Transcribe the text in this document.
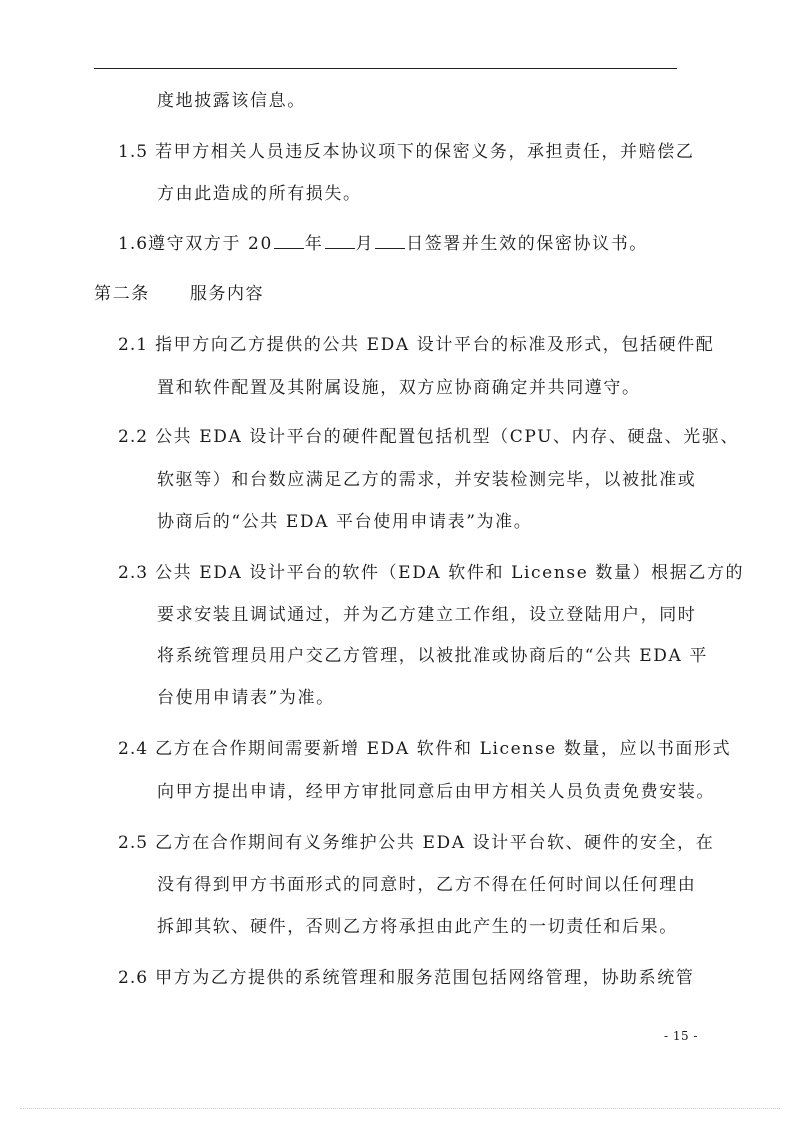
度地披露该信息。
1.5 若甲方相关人员违反本协议项下的保密义务，承担责任，并赔偿乙
方由此造成的所有损失。
1.6遵守双方于 20 年 月 日签署并生效的保密协议书。
第二条 服务内容
2.1 指甲方向乙方提供的公共 EDA 设计平台的标准及形式，包括硬件配
置和软件配置及其附属设施，双方应协商确定并共同遵守。
2.2 公共 EDA 设计平台的硬件配置包括机型（CPU、内存、硬盘、光驱、
软驱等）和台数应满足乙方的需求，并安装检测完毕，以被批准或
协商后的“公共 EDA 平台使用申请表”为准。
2.3 公共 EDA 设计平台的软件（EDA 软件和 License 数量）根据乙方的
要求安装且调试通过，并为乙方建立工作组，设立登陆用户，同时
将系统管理员用户交乙方管理，以被批准或协商后的“公共 EDA 平
台使用申请表”为准。
2.4 乙方在合作期间需要新增 EDA 软件和 License 数量，应以书面形式
向甲方提出申请，经甲方审批同意后由甲方相关人员负责免费安装。
2.5 乙方在合作期间有义务维护公共 EDA 设计平台软、硬件的安全，在
没有得到甲方书面形式的同意时，乙方不得在任何时间以任何理由
拆卸其软、硬件，否则乙方将承担由此产生的一切责任和后果。
2.6 甲方为乙方提供的系统管理和服务范围包括网络管理，协助系统管
- 15 -
